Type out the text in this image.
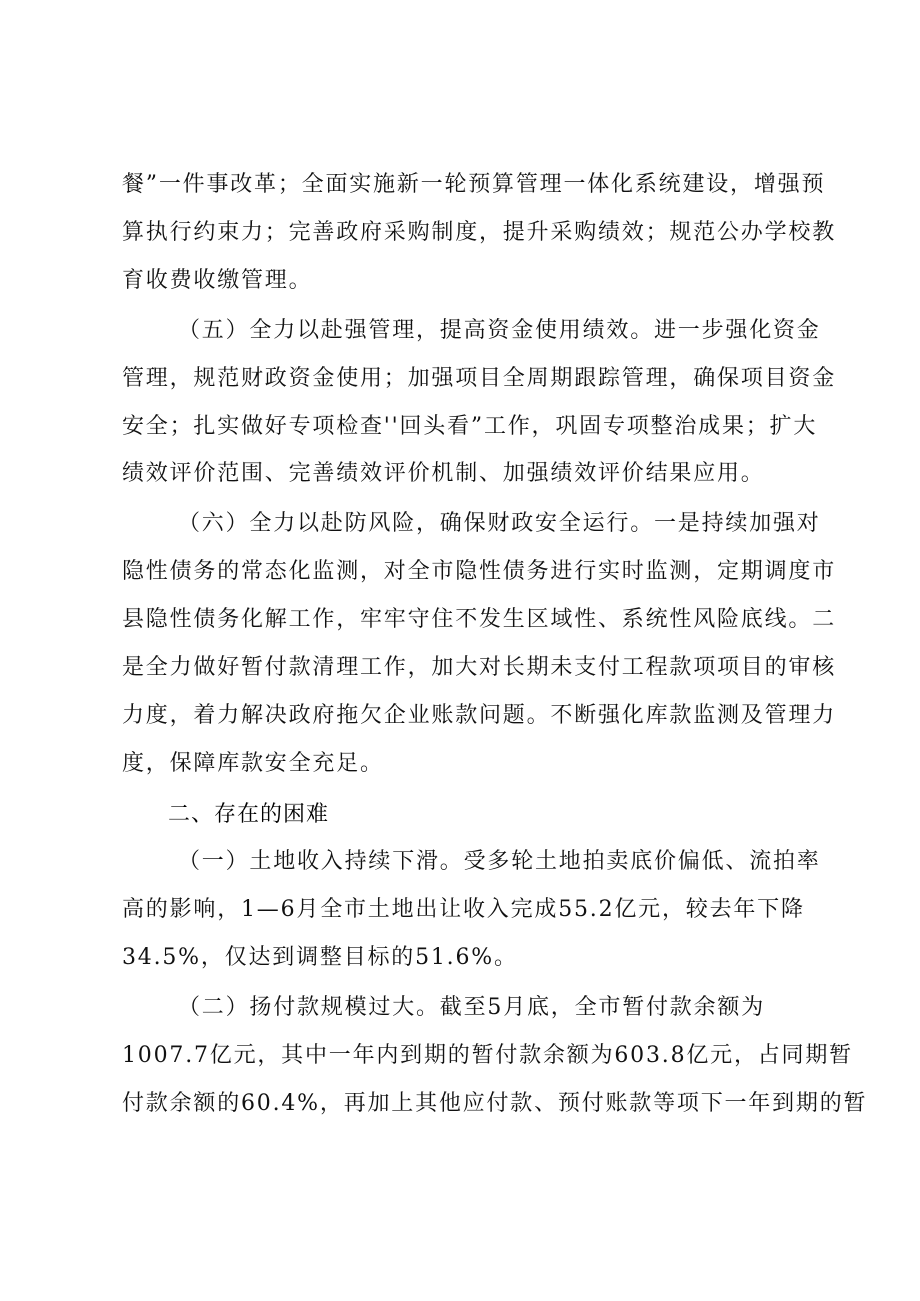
餐”一件事改革；全面实施新一轮预算管理一体化系统建设，增强预
算执行约束力；完善政府采购制度，提升采购绩效；规范公办学校教
育收费收缴管理。
（五）全力以赴强管理，提高资金使用绩效。进一步强化资金
管理，规范财政资金使用；加强项目全周期跟踪管理，确保项目资金
安全；扎实做好专项检查''回头看”工作，巩固专项整治成果；扩大
绩效评价范围、完善绩效评价机制、加强绩效评价结果应用。
（六）全力以赴防风险，确保财政安全运行。一是持续加强对
隐性债务的常态化监测，对全市隐性债务进行实时监测，定期调度市
县隐性债务化解工作，牢牢守住不发生区域性、系统性风险底线。二
是全力做好暂付款清理工作，加大对长期未支付工程款项项目的审核
力度，着力解决政府拖欠企业账款问题。不断强化库款监测及管理力
度，保障库款安全充足。
二、存在的困难
（一）土地收入持续下滑。受多轮土地拍卖底价偏低、流拍率
高的影响，1—6月全市土地出让收入完成55.2亿元，较去年下降
34.5%，仅达到调整目标的51.6%。
（二）扬付款规模过大。截至5月底，全市暂付款余额为
1007.7亿元，其中一年内到期的暂付款余额为603.8亿元，占同期暂
付款余额的60.4%，再加上其他应付款、预付账款等项下一年到期的暂
